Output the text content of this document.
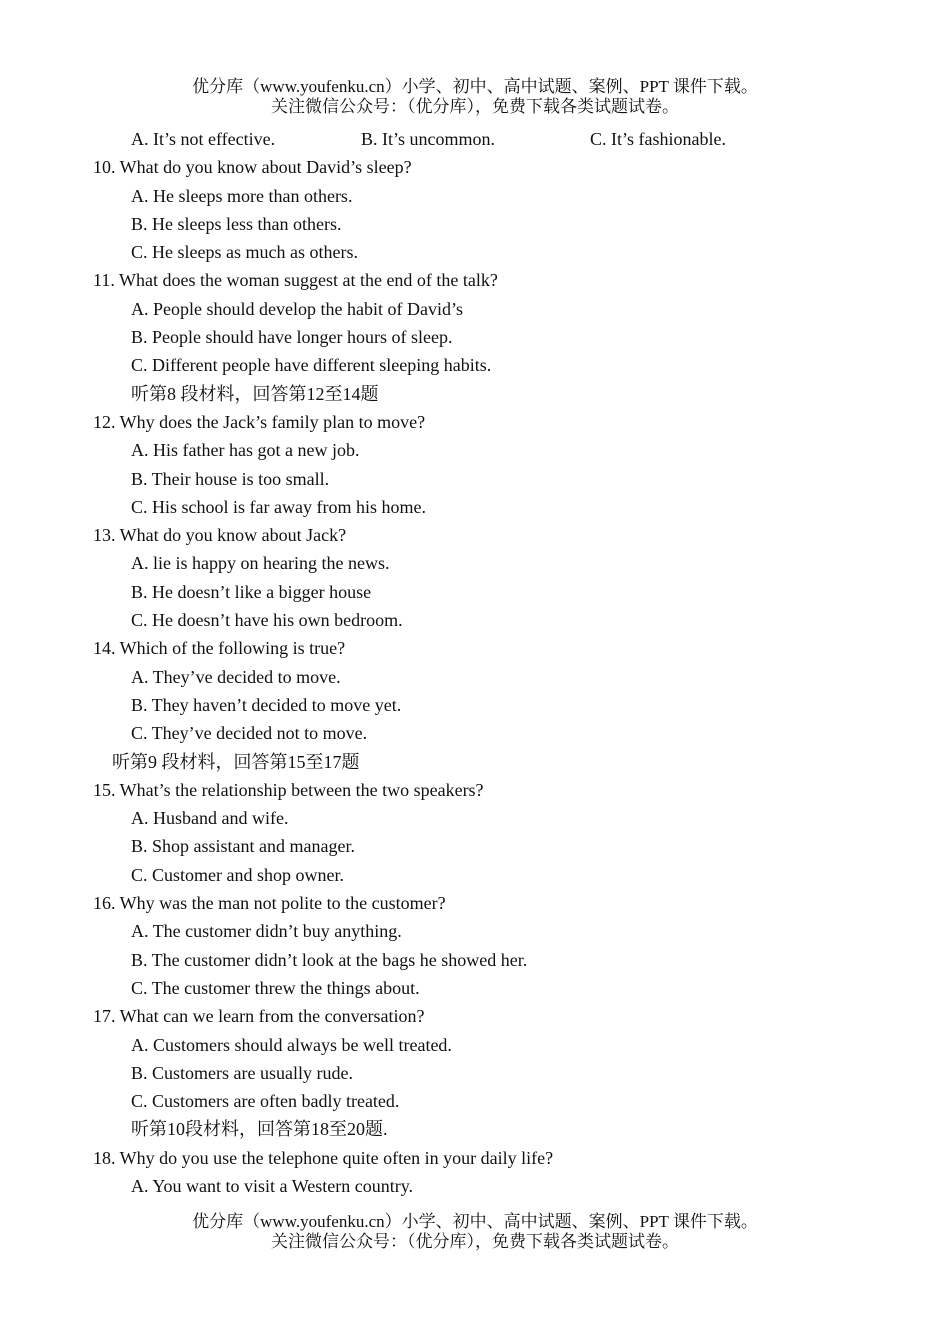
优分库（www.youfenku.cn）小学、初中、高中试题、案例、PPT 课件下载。
关注微信公众号：（优分库），免费下载各类试题试卷。
A. It’s not effective.	B. It’s uncommon.	C. It’s fashionable.
10. What do you know about David’s sleep?
A. He sleeps more than others.
B. He sleeps less than others.
C. He sleeps as much as others.
11. What does the woman suggest at the end of the talk?
A. People should develop the habit of David’s
B. People should have longer hours of sleep.
C. Different people have different sleeping habits.
听第8 段材料，回答第12至14题
12. Why does the Jack’s family plan to move?
A. His father has got a new job.
B. Their house is too small.
C. His school is far away from his home.
13. What do you know about Jack?
A. lie is happy on hearing the news.
B. He doesn’t like a bigger house
C. He doesn’t have his own bedroom.
14. Which of the following is true?
A. They’ve decided to move.
B. They haven’t decided to move yet.
C. They’ve decided not to move.
听第9 段材料，回答第15至17题
15. What’s the relationship between the two speakers?
A. Husband and wife.
B. Shop assistant and manager.
C. Customer and shop owner.
16. Why was the man not polite to the customer?
A. The customer didn’t buy anything.
B. The customer didn’t look at the bags he showed her.
C. The customer threw the things about.
17. What can we learn from the conversation?
A. Customers should always be well treated.
B. Customers are usually rude.
C. Customers are often badly treated.
听第10段材料，回答第18至20题.
18. Why do you use the telephone quite often in your daily life?
A. You want to visit a Western country.
优分库（www.youfenku.cn）小学、初中、高中试题、案例、PPT 课件下载。
关注微信公众号：（优分库），免费下载各类试题试卷。
